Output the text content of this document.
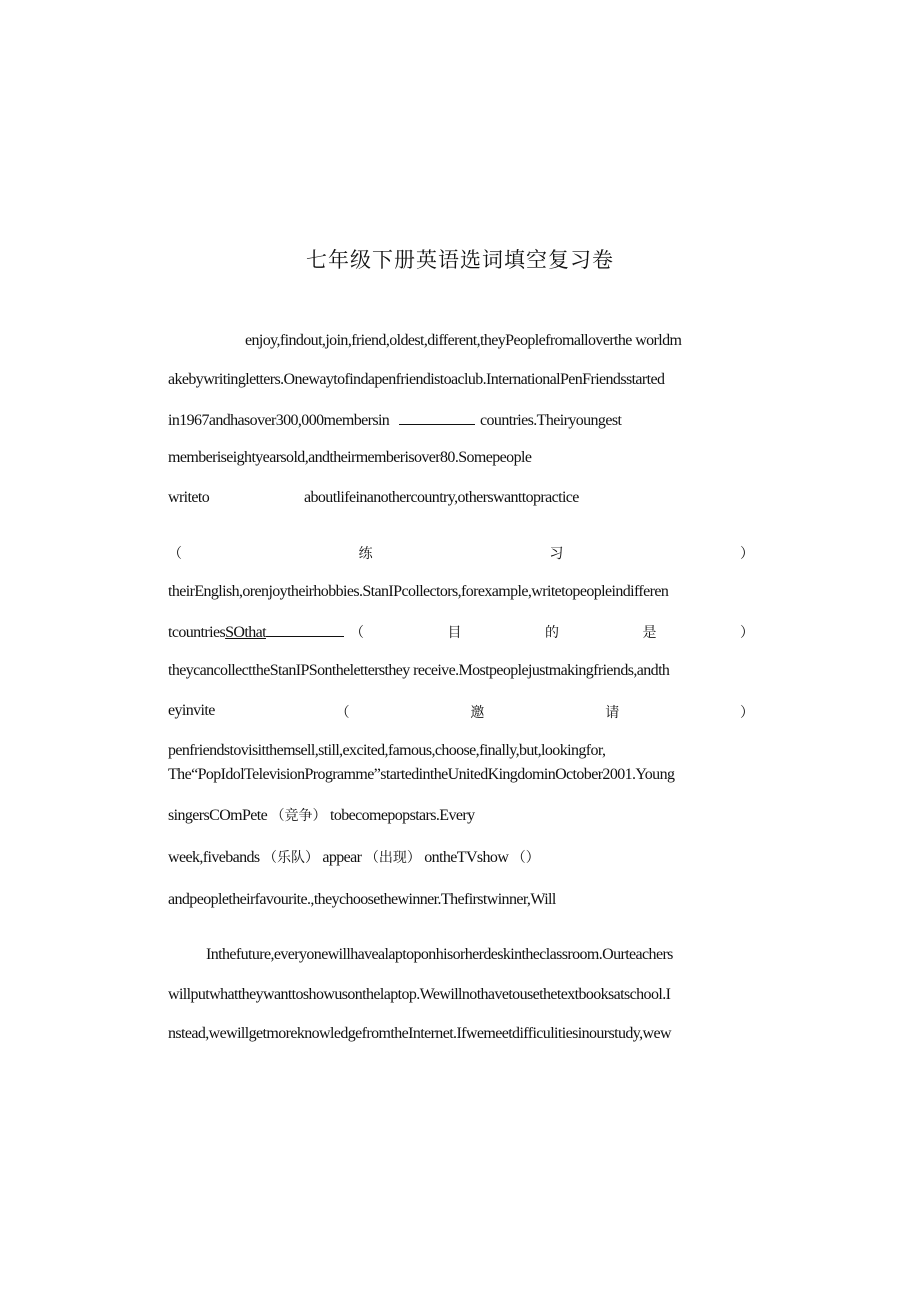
七年级下册英语选词填空复习卷
enjoy,findout,join,friend,oldest,different,theyPeoplefromalloverthe worldm
akebywritingletters.Onewaytofindapenfriendistoaclub.InternationalPenFriendsstarted
in1967andhasover300,000membersin	countries.Theiryoungest
memberiseightyearsold,andtheirmemberisover80.Somepeople
writeto	aboutlifeinanothercountry,otherswanttopractice
（	练	习	）
theirEnglish,orenjoytheirhobbies.StanIPcollectors,forexample,writetopeopleindifferen
tcountries SOthat	（	目	的	是	）
theycancollecttheStanIPSonthelettersthey receive.Mostpeoplejustmakingfriends,andth
eyinvite	（	邀	请	）
penfriendstovisitthemsell,still,excited,famous,choose,finally,but,lookingfor,
The“PopIdolTelevisionProgramme”startedintheUnitedKingdominOctober2001.Young
singersCOmPete （竞争） tobecomepopstars.Every
week,fivebands （乐队） appear （出现） ontheTVshow （）
andpeopletheirfavourite.,theychoosethewinner.Thefirstwinner,Will
Inthefuture,everyonewillhavealaptoponhisorherdeskintheclassroom.Ourteachers
willputwhattheywanttoshowusonthelaptop.Wewillnothavetousethetextbooksatschool.I
nstead,wewillgetmoreknowledgefromtheInternet.Ifwemeetdifficulitiesinourstudy,wew
